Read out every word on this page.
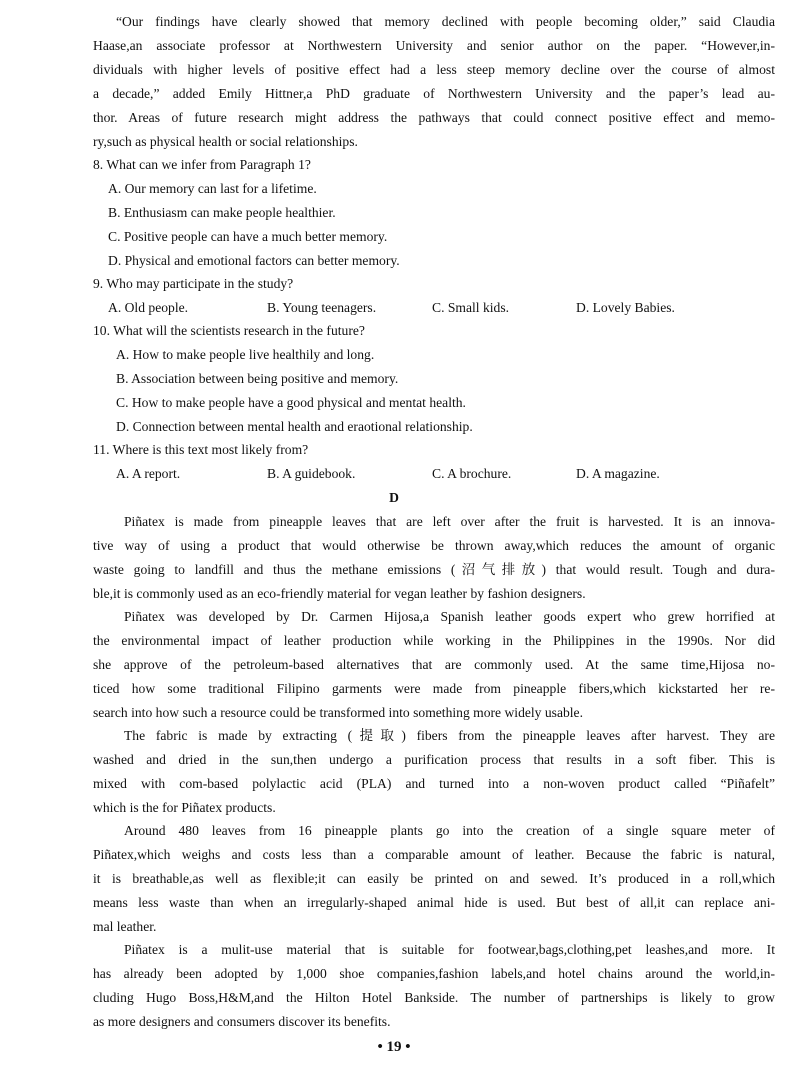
“Our findings have clearly showed that memory declined with people becoming older,” said Claudia

Haase,an associate professor at Northwestern University and senior author on the paper. “However,in-

dividuals with higher levels of positive effect had a less steep memory decline over the course of almost

a decade,” added Emily Hittner,a PhD graduate of Northwestern University and the paper’s lead au-

thor. Areas of future research might address the pathways that could connect positive effect and memo-

ry,such as physical health or social relationships.

8. What can we infer from Paragraph 1?

A. Our memory can last for a lifetime.

B. Enthusiasm can make people healthier.

C. Positive people can have a much better memory.

D. Physical and emotional factors can better memory.

9. Who may participate in the study?

A. Old people.	B. Young teenagers.	C. Small kids.	D. Lovely Babies.

10. What will the scientists research in the future?

A. How to make people live healthily and long.

B. Association between being positive and memory.

C. How to make people have a good physical and mentat health.

D. Connection between mental health and eraotional relationship.

11. Where is this text most likely from?

A. A report.	B. A guidebook.	C. A brochure.	D. A magazine.
D

Piñatex is made from pineapple leaves that are left over after the fruit is harvested. It is an innova-

tive way of using a product that would otherwise be thrown away,which reduces the amount of organic

waste going to landfill and thus the methane emissions (沼气排放) that would result. Tough and dura-

ble,it is commonly used as an eco-friendly material for vegan leather by fashion designers.

Piñatex was developed by Dr. Carmen Hijosa,a Spanish leather goods expert who grew horrified at

the environmental impact of leather production while working in the Philippines in the 1990s. Nor did

she approve of the petroleum-based alternatives that are commonly used. At the same time,Hijosa no-

ticed how some traditional Filipino garments were made from pineapple fibers,which kickstarted her re-

search into how such a resource could be transformed into something more widely usable.

The fabric is made by extracting (提取) fibers from the pineapple leaves after harvest. They are

washed and dried in the sun,then undergo a purification process that results in a soft fiber. This is

mixed with com-based polylactic acid (PLA) and turned into a non-woven product called “Piñafelt”

which is the for Piñatex products.

Around 480 leaves from 16 pineapple plants go into the creation of a single square meter of

Piñatex,which weighs and costs less than a comparable amount of leather. Because the fabric is natural,

it is breathable,as well as flexible;it can easily be printed on and sewed. It’s produced in a roll,which

means less waste than when an irregularly-shaped animal hide is used. But best of all,it can replace ani-

mal leather.

Piñatex is a mulit-use material that is suitable for footwear,bags,clothing,pet leashes,and more. It

has already been adopted by 1,000 shoe companies,fashion labels,and hotel chains around the world,in-

cluding Hugo Boss,H&M,and the Hilton Hotel Bankside. The number of partnerships is likely to grow

as more designers and consumers discover its benefits.

• 19 •
